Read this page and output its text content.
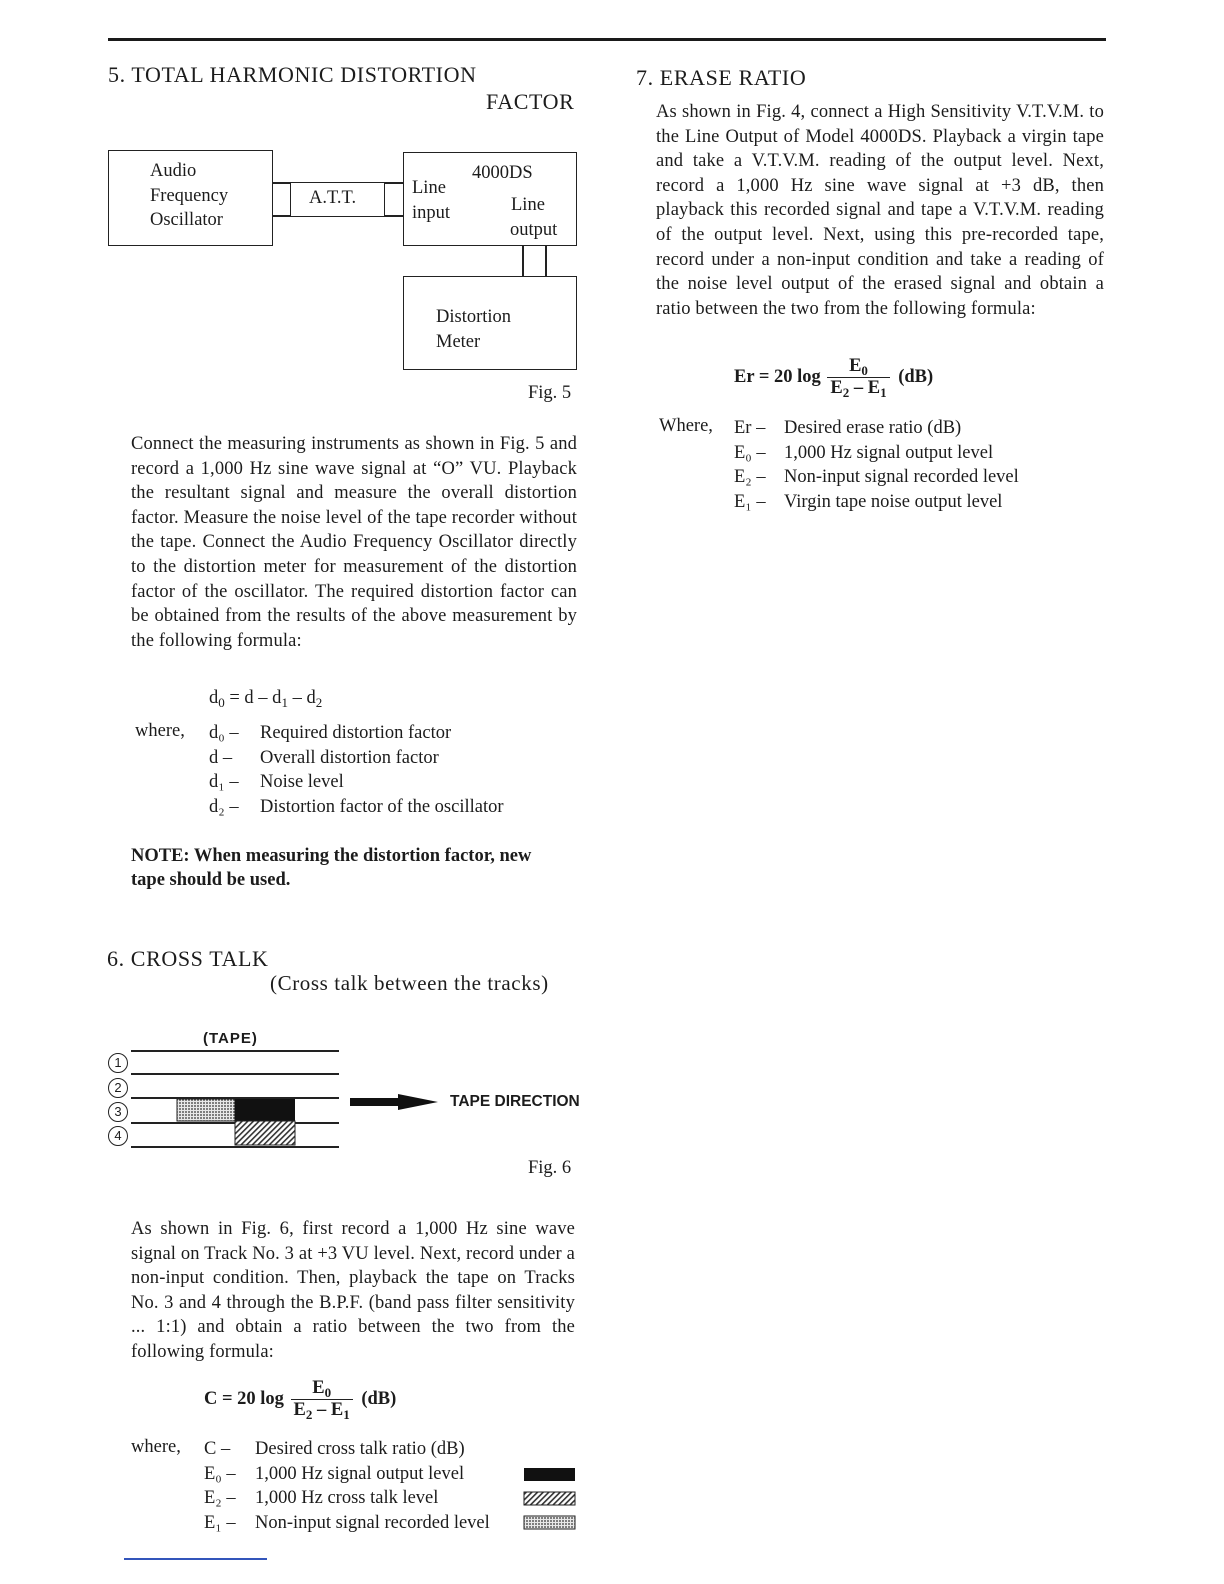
5. TOTAL HARMONIC DISTORTION
FACTOR
Audio
Frequency
Oscillator
A.T.T.
4000DS
Line
input	Line
output
Distortion
Meter
Fig. 5

Connect the measuring instruments as shown in Fig. 5 and record a 1,000 Hz sine wave signal at “O” VU. Playback the resultant signal and measure the overall distortion factor. Measure the noise level of the tape recorder without the tape. Connect the Audio Frequency Oscillator directly to the distortion meter for measurement of the distortion factor of the oscillator. The required distortion factor can be obtained from the results of the above measurement by the following formula:

$d_0 = d - d_1 - d_2$
where, d₀ –	Required distortion factor
d –	Overall distortion factor
d₁ –	Noise level
d₂ –	Distortion factor of the oscillator
NOTE: When measuring the distortion factor, new
tape should be used.
6. CROSS TALK
(Cross talk between the tracks)
(TAPE)
1
2
3
4
TAPE DIRECTION
Fig. 6

As shown in Fig. 6, first record a 1,000 Hz sine wave signal on Track No. 3 at +3 VU level. Next, record under a non-input condition. Then, playback the tape on Tracks No. 3 and 4 through the B.P.F. (band pass filter sensitivity ... 1:1) and obtain a ratio between the two from the following formula:

C = 20 $\log \frac{E_0}{E_2 - E_1} (dB)$
where, C –	Desired cross talk ratio (dB)
E₀ –	1,000 Hz signal output level
E₂ –	1,000 Hz cross talk level
E₁ –	Non-input signal recorded level
7. ERASE RATIO

As shown in Fig. 4, connect a High Sensitivity V.T.V.M. to the Line Output of Model 4000DS. Playback a virgin tape and take a V.T.V.M. reading of the output level. Next, record a 1,000 Hz sine wave signal at +3 dB, then playback this recorded signal and tape a V.T.V.M. reading of the output level. Next, using this pre-recorded tape, record under a non-input condition and take a reading of the noise level output of the erased signal and obtain a ratio between the two from the following formula:

Er = 20 $\log \frac{E_0}{E_2 - E_1} (dB)$
Where, Er –	Desired erase ratio (dB)
E₀ –	1,000 Hz signal output level
E₂ –	Non-input signal recorded level
E₁ –	Virgin tape noise output level
